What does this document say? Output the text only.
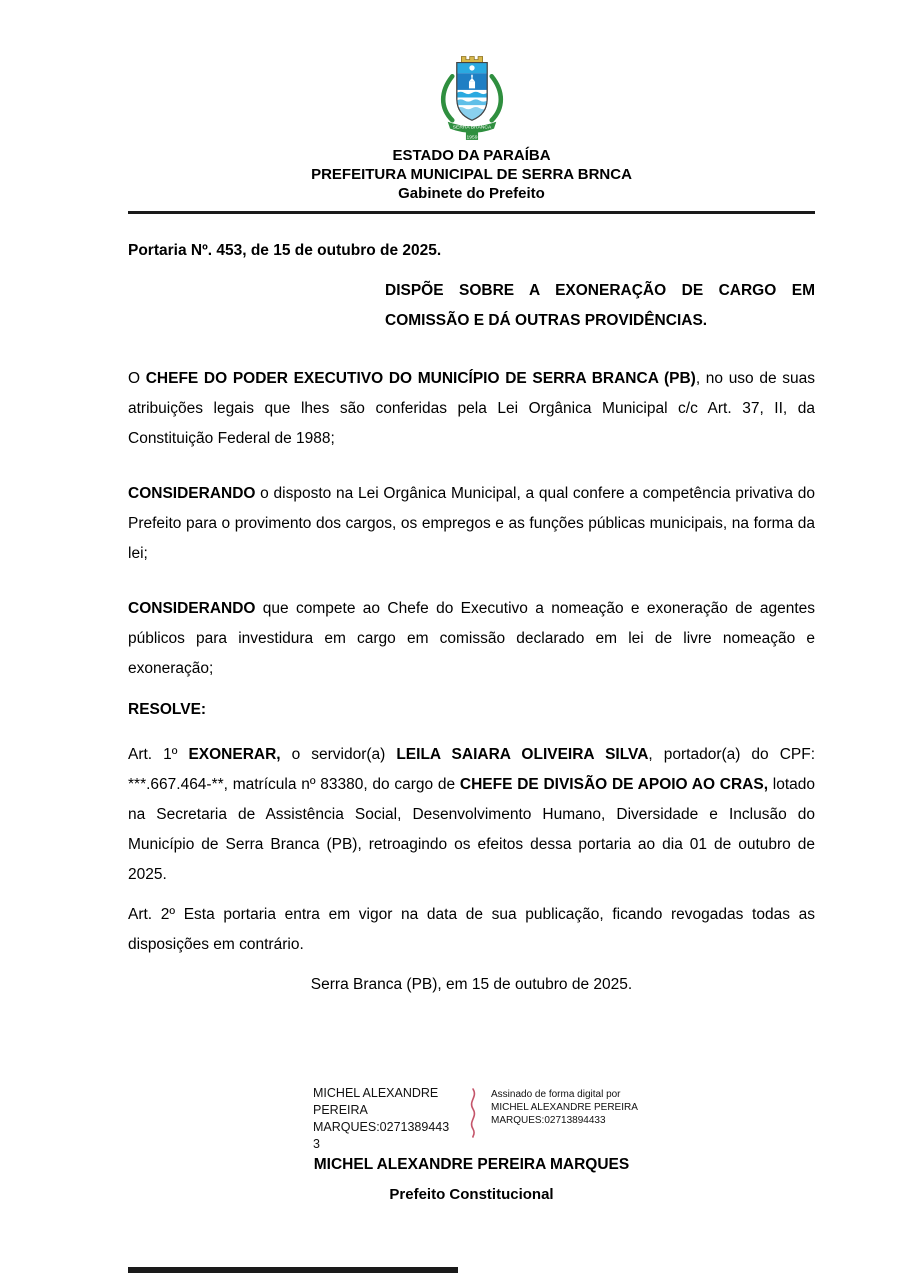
SERRA BRANCA
1959
ESTADO DA PARAÍBA
PREFEITURA MUNICIPAL DE SERRA BRNCA
Gabinete do Prefeito

Portaria Nº. 453, de 15 de outubro de 2025.

DISPÕE SOBRE A EXONERAÇÃO DE CARGO EM COMISSÃO E DÁ OUTRAS PROVIDÊNCIAS.

O CHEFE DO PODER EXECUTIVO DO MUNICÍPIO DE SERRA BRANCA (PB), no uso de suas atribuições legais que lhes são conferidas pela Lei Orgânica Municipal c/c Art. 37, II, da Constituição Federal de 1988;

CONSIDERANDO o disposto na Lei Orgânica Municipal, a qual confere a competência privativa do Prefeito para o provimento dos cargos, os empregos e as funções públicas municipais, na forma da lei;

CONSIDERANDO que compete ao Chefe do Executivo a nomeação e exoneração de agentes públicos para investidura em cargo em comissão declarado em lei de livre nomeação e exoneração;

RESOLVE:

Art. 1º EXONERAR, o servidor(a) LEILA SAIARA OLIVEIRA SILVA, portador(a) do CPF: ***.667.464-**, matrícula nº 83380, do cargo de CHEFE DE DIVISÃO DE APOIO AO CRAS, lotado na Secretaria de Assistência Social, Desenvolvimento Humano, Diversidade e Inclusão do Município de Serra Branca (PB), retroagindo os efeitos dessa portaria ao dia 01 de outubro de 2025.

Art. 2º Esta portaria entra em vigor na data de sua publicação, ficando revogadas todas as disposições em contrário.

Serra Branca (PB), em 15 de outubro de 2025.

MICHEL ALEXANDRE PEREIRA MARQUES:02713894433
Assinado de forma digital por MICHEL ALEXANDRE PEREIRA MARQUES:02713894433

MICHEL ALEXANDRE PEREIRA MARQUES

Prefeito Constitucional
